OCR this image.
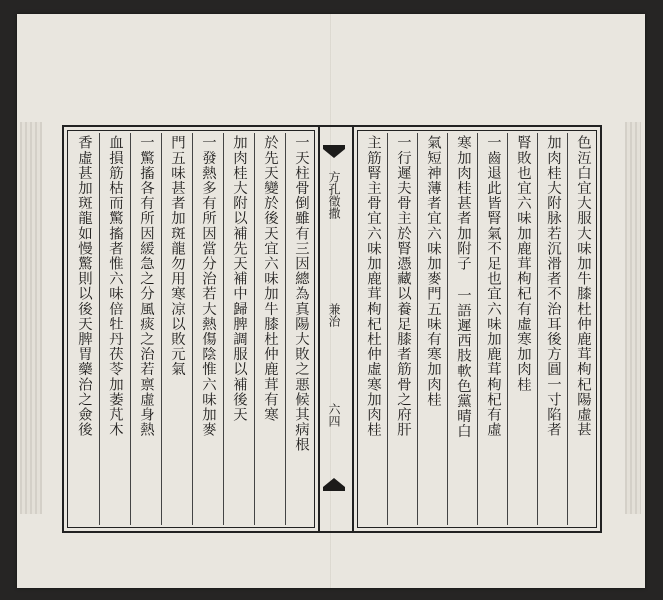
一天柱骨倒雖有三因總為真陽大敗之悪候其病根
於先天變於後天宜六味加牛膝杜仲鹿茸有寒
加肉桂大附以補先天補中歸脾調服以補後天
一發熱多有所因當分治若大熱傷陰惟六味加麥
門五味甚者加斑龍勿用寒凉以敗元氣
一驚搐各有所因緩急之分風痰之治若禀虛身熱
血損筋枯而驚搐者惟六味倍牡丹茯苓加萎芃木
香虛甚加斑龍如慢驚則以後天脾胃藥治之僉後	方孔徵撒
兼治
六四	色沍白宜大服大味加牛膝杜仲鹿茸枸杞陽虛甚
加肉桂大附脉若沉滑者不治耳後方圓一寸陷者
腎敗也宜六味加鹿茸枸杞有虛寒加肉桂
一齒退此皆腎氣不足也宜六味加鹿茸枸杞有虛
寒加肉桂甚者加附子 一語遲西肢軟色黨晴白
氣短神薄者宜六味加麥門五味有寒加肉桂
一行遲夫骨主於腎憑藏以養足膝者筋骨之府肝
主筋腎主骨宜六味加鹿茸枸杞杜仲虛寒加肉桂
